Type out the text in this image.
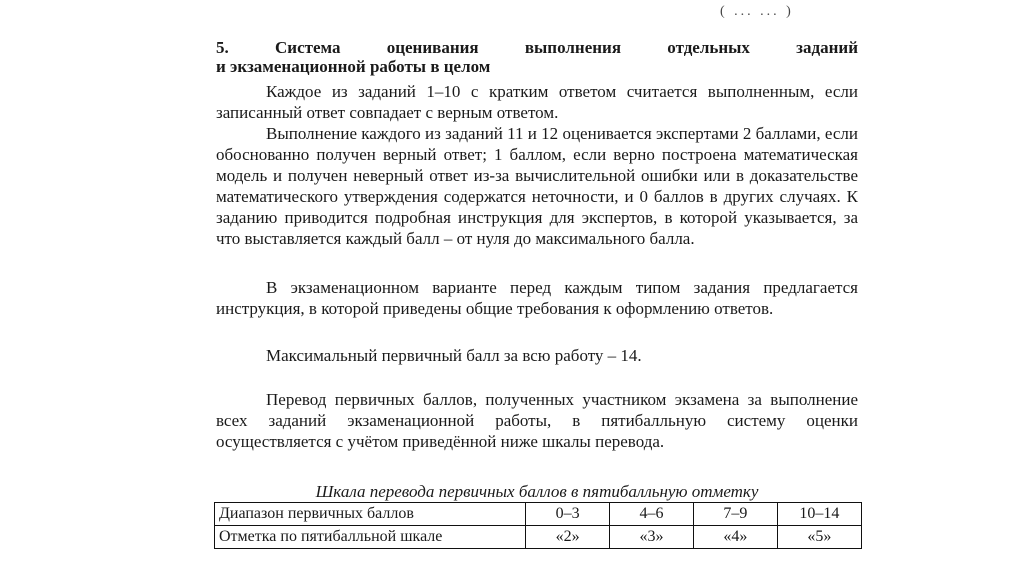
( ... ... )
5. Система оценивания выполнения отдельных заданий
и экзаменационной работы в целом

Каждое из заданий 1–10 с кратким ответом считается выполненным, если записанный ответ совпадает с верным ответом.

Выполнение каждого из заданий 11 и 12 оценивается экспертами 2 баллами, если обоснованно получен верный ответ; 1 баллом, если верно построена математическая модель и получен неверный ответ из-за вычислительной ошибки или в доказательстве математического утверждения содержатся неточности, и 0 баллов в других случаях. К заданию приводится подробная инструкция для экспертов, в которой указывается, за что выставляется каждый балл – от нуля до максимального балла.

В экзаменационном варианте перед каждым типом задания предлагается инструкция, в которой приведены общие требования к оформлению ответов.

Максимальный первичный балл за всю работу – 14.

Перевод первичных баллов, полученных участником экзамена за выполнение всех заданий экзаменационной работы, в пятибалльную систему оценки осуществляется с учётом приведённой ниже шкалы перевода.

Шкала перевода первичных баллов в пятибалльную отметку
Диапазон первичных баллов	0–3	4–6	7–9	10–14
Отметка по пятибалльной шкале	«2»	«3»	«4»	«5»
